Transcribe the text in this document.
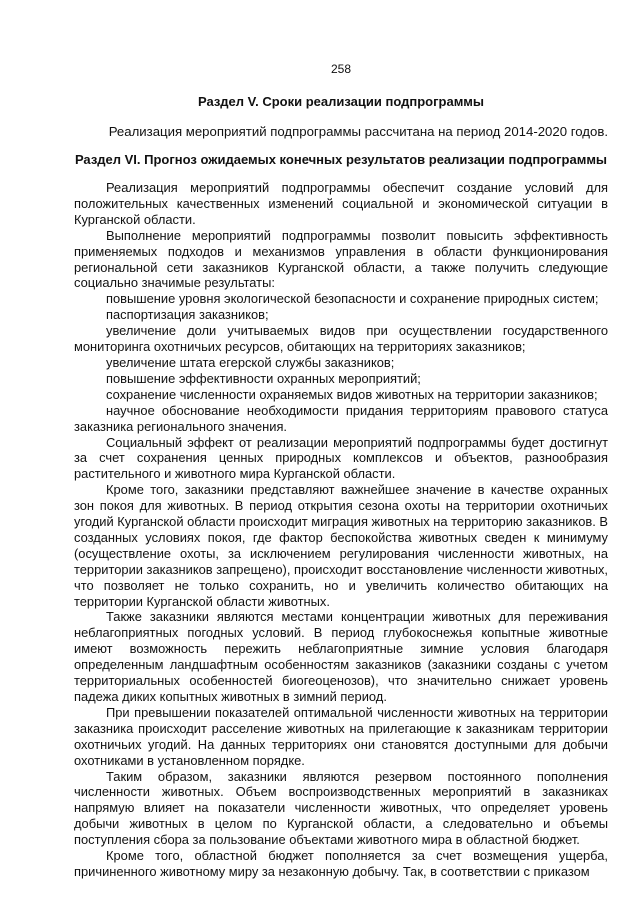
258
Раздел V. Сроки реализации подпрограммы
Реализация мероприятий подпрограммы рассчитана на период 2014-2020 годов.
Раздел VI. Прогноз ожидаемых конечных результатов реализации подпрограммы

Реализация мероприятий подпрограммы обеспечит создание условий для положительных качественных изменений социальной и экономической ситуации в Курганской области.

Выполнение мероприятий подпрограммы позволит повысить эффективность применяемых подходов и механизмов управления в области функционирования региональной сети заказников Курганской области, а также получить следующие социально значимые результаты:

повышение уровня экологической безопасности и сохранение природных систем;

паспортизация заказников;

увеличение доли учитываемых видов при осуществлении государственного мониторинга охотничьих ресурсов, обитающих на территориях заказников;

увеличение штата егерской службы заказников;

повышение эффективности охранных мероприятий;

сохранение численности охраняемых видов животных на территории заказников;

научное обоснование необходимости придания территориям правового статуса заказника регионального значения.

Социальный эффект от реализации мероприятий подпрограммы будет достигнут за счет сохранения ценных природных комплексов и объектов, разнообразия растительного и животного мира Курганской области.

Кроме того, заказники представляют важнейшее значение в качестве охранных зон покоя для животных. В период открытия сезона охоты на территории охотничьих угодий Курганской области происходит миграция животных на территорию заказников. В созданных условиях покоя, где фактор беспокойства животных сведен к минимуму (осуществление охоты, за исключением регулирования численности животных, на территории заказников запрещено), происходит восстановление численности животных, что позволяет не только сохранить, но и увеличить количество обитающих на территории Курганской области животных.

Также заказники являются местами концентрации животных для переживания неблагоприятных погодных условий. В период глубокоснежья копытные животные имеют возможность пережить неблагоприятные зимние условия благодаря определенным ландшафтным особенностям заказников (заказники созданы с учетом территориальных особенностей биогеоценозов), что значительно снижает уровень падежа диких копытных животных в зимний период.

При превышении показателей оптимальной численности животных на территории заказника происходит расселение животных на прилегающие к заказникам территории охотничьих угодий. На данных территориях они становятся доступными для добычи охотниками в установленном порядке.

Таким образом, заказники являются резервом постоянного пополнения численности животных. Объем воспроизводственных мероприятий в заказниках напрямую влияет на показатели численности животных, что определяет уровень добычи животных в целом по Курганской области, а следовательно и объемы поступления сбора за пользование объектами животного мира в областной бюджет.

Кроме того, областной бюджет пополняется за счет возмещения ущерба, причиненного животному миру за незаконную добычу. Так, в соответствии с приказом
